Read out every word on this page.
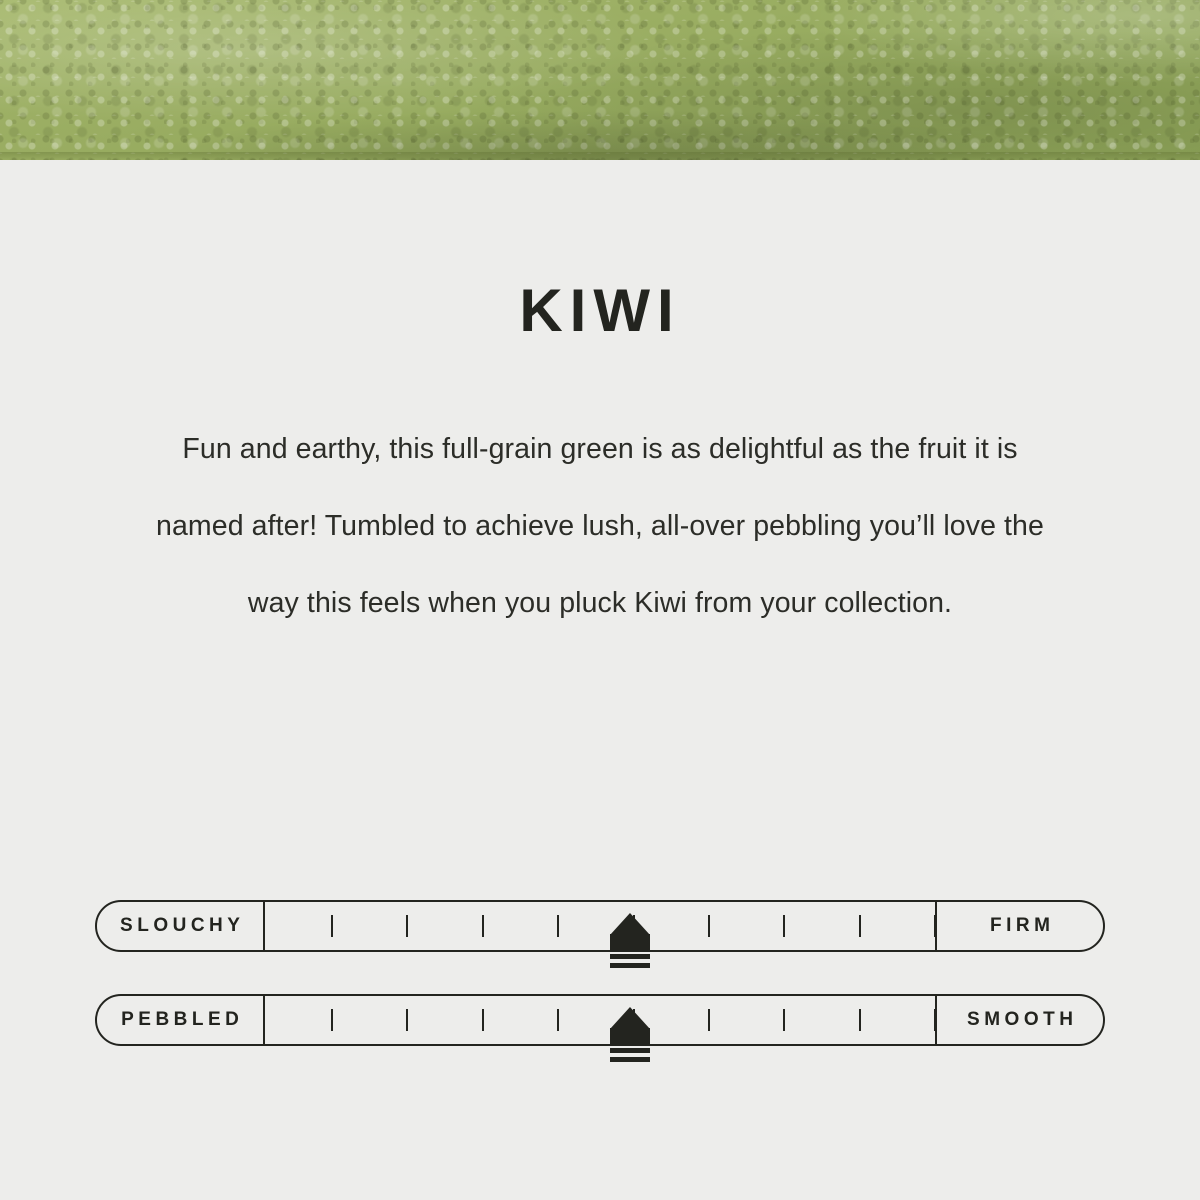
KIWI

Fun and earthy, this full-grain green is as delightful as the fruit it is named after! Tumbled to achieve lush, all-over pebbling you’ll love the way this feels when you pluck Kiwi from your collection.

SLOUCHY	FIRM
PEBBLED	SMOOTH
